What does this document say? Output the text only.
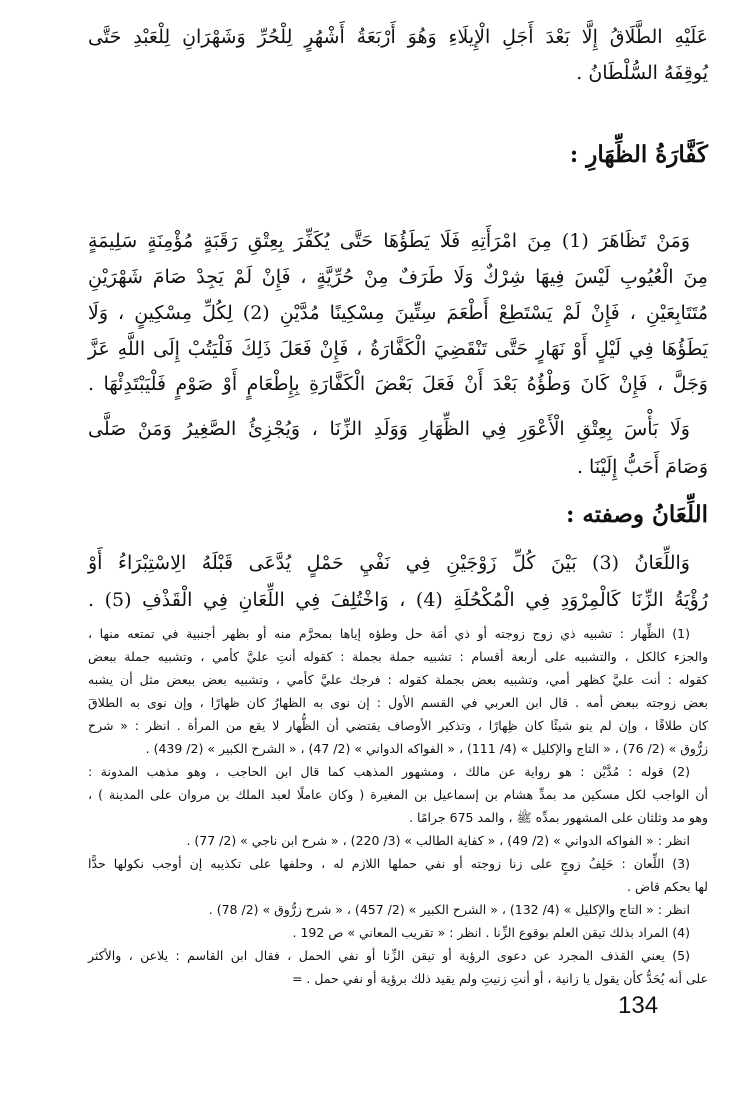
عَلَيْهِ الطَّلَاقُ إِلَّا بَعْدَ أَجَلِ الْإِيلَاءِ وَهُوَ أَرْبَعَةُ أَشْهُرٍ لِلْحُرِّ وَشَهْرَانِ لِلْعَبْدِ حَتَّى
يُوقِفَهُ السُّلْطَانُ .
كَفَّارَةُ الظِّهَارِ :
وَمَنْ تَظَاهَرَ (1) مِنَ امْرَأَتِهِ فَلَا يَطَؤُهَا حَتَّى يُكَفِّرَ بِعِتْقِ رَقَبَةٍ مُؤْمِنَةٍ سَلِيمَةٍ
مِنَ الْعُيُوبِ لَيْسَ فِيهَا شِرْكٌ وَلَا طَرَفٌ مِنْ حُرِّيَّةٍ ، فَإِنْ لَمْ يَجِدْ صَامَ شَهْرَيْنِ
مُتَتَابِعَيْنِ ، فَإِنْ لَمْ يَسْتَطِعْ أَطْعَمَ سِتِّينَ مِسْكِينًا مُدَّيْنِ (2) لِكُلِّ مِسْكِينٍ ، وَلَا
يَطَؤُهَا فِي لَيْلٍ أَوْ نَهَارٍ حَتَّى تَنْقَضِيَ الْكَفَّارَةُ ، فَإِنْ فَعَلَ ذَلِكَ فَلْيَتُبْ إِلَى اللَّهِ عَزَّ
وَجَلَّ ، فَإِنْ كَانَ وَطْؤُهُ بَعْدَ أَنْ فَعَلَ بَعْضَ الْكَفَّارَةِ بِإِطْعَامٍ أَوْ صَوْمٍ فَلْيَبْتَدِئْهَا .
وَلَا بَأْسَ بِعِتْقِ الْأَعْوَرِ فِي الظِّهَارِ وَوَلَدِ الزِّنَا ، وَيُجْزِئُ الصَّغِيرُ وَمَنْ صَلَّى
وَصَامَ أَحَبُّ إِلَيْنَا .
اللِّعَانُ وصفته :
وَاللِّعَانُ (3) بَيْنَ كُلِّ زَوْجَيْنِ فِي نَفْيِ حَمْلٍ يُدَّعَى قَبْلَهُ الِاسْتِبْرَاءُ أَوْ
رُؤْيَةُ الزِّنَا كَالْمِرْوَدِ فِي الْمُكْحُلَةِ (4) ، وَاخْتُلِفَ فِي اللِّعَانِ فِي الْقَذْفِ (5) .
(1) الظِّهار : تشبيه ذي زوج زوجته أو ذي أمَة حل وطؤه إياها بمحرَّم منه أو بظهر أجنبية في تمتعه منها ،
والجزء كالكل ، والتشبيه على أربعة أقسام : تشبيه جملة بجملة : كقوله أنتِ عليَّ كأمي ، وتشبيه جملة ببعض
كقوله : أنت عليَّ كظهر أمي، وتشبيه بعض بجملة كقوله : فرجك عليَّ كأمي ، وتشبيه بعض ببعض مثل أن يشبه
بعض زوجته ببعض أمه . قال ابن العربي في القسم الأول : إن نوى به الظهارُ كان ظهارًا ، وإن نوى به الطلاقَ
كان طلاقًا ، وإن لم ينو شيئًا كان ظِهارًا ، وتذكير الأوصاف يقتضي أن الظُّهار لا يقع من المرأة . انظر : « شرح
زرُّوق » (2/ 76) ، « التاج والإكليل » (4/ 111) ، « الفواكه الدواني » (2/ 47) ، « الشرح الكبير » (2/ 439) .
(2) قوله : مُدَّيْن : هو رواية عن مالك ، ومشهور المذهب كما قال ابن الحاجب ، وهو مذهب المدونة :
أن الواجب لكل مسكين مد بمدِّ هشام بن إسماعيل بن المغيرة ( وكان عاملًا لعبد الملك بن مروان على المدينة ) ،
وهو مد وثلثان على المشهور بمدِّه ﷺ ، والمد 675 جرامًا .
انظر : « الفواكه الدواني » (2/ 49) ، « كفاية الطالب » (3/ 220) ، « شرح ابن ناجي » (2/ 77) .
(3) اللِّعان : حَلِفُ زوجٍ على زنا زوجته أو نفي حملها اللازم له ، وحلفها على تكذيبه إن أوجب نكولها حدًّا
لها بحكم قاض .
انظر : « التاج والإكليل » (4/ 132) ، « الشرح الكبير » (2/ 457) ، « شرح زرُّوق » (2/ 78) .
(4) المراد بذلك تيقن العلم بوقوع الزِّنا . انظر : « تقريب المعاني » ص 192 .
(5) يعني القذف المجرد عن دعوى الرؤية أو تيقن الزِّنا أو نفي الحمل ، فقال ابن القاسم : يلاعن ، والأكثر
على أنه يُحَدُّ كأن يقول يا زانية ، أو أنتِ زنيتِ ولم يقيد ذلك برؤية أو نفي حمل . =
134
